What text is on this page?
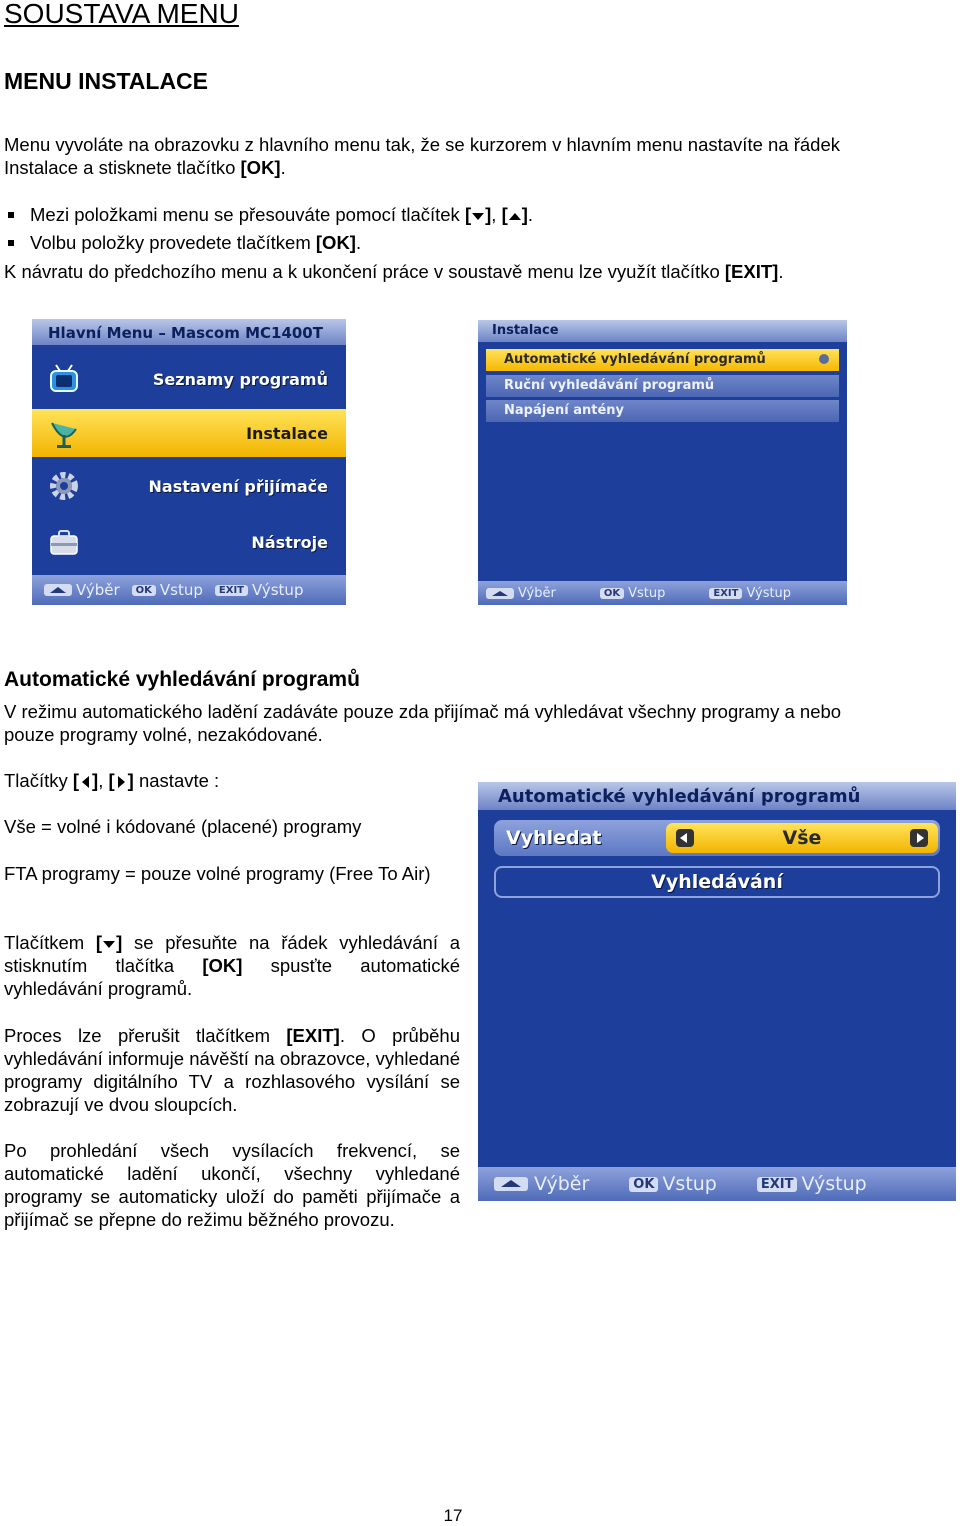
SOUSTAVA MENU
MENU INSTALACE
Menu vyvoláte na obrazovku z hlavního menu tak, že se kurzorem v hlavním menu nastavíte na řádek
Instalace a stisknete tlačítko [OK].
Mezi položkami menu se přesouváte pomocí tlačítek [ ], [ ].
Volbu položky provedete tlačítkem [OK].
K návratu do předchozího menu a k ukončení práce v soustavě menu lze využít tlačítko [EXIT].
Hlavní Menu – Mascom MC1400T
Seznamy programů
Instalace
Nastavení přijímače
Nástroje
Výběr	OK Vstup	EXIT Výstup
Instalace
Automatické vyhledávání programů
Ruční vyhledávání programů
Napájení antény
Výběr	OK Vstup	EXIT Výstup
Automatické vyhledávání programů
V režimu automatického ladění zadáváte pouze zda přijímač má vyhledávat všechny programy a nebo
pouze programy volné, nezakódované.
Tlačítky [ ], [ ] nastavte :
Vše = volné i kódované (placené) programy
FTA programy = pouze volné programy (Free To Air)
Tlačítkem [ ] se přesuňte na řádek vyhledávání a stisknutím tlačítka [OK] spusťte automatické vyhledávání programů.
Proces lze přerušit tlačítkem [EXIT]. O průběhu vyhledávání informuje návěští na obrazovce, vyhledané programy digitálního TV a rozhlasového vysílání se zobrazují ve dvou sloupcích.
Po prohledání všech vysílacích frekvencí, se automatické ladění ukončí, všechny vyhledané programy se automaticky uloží do paměti přijímače a přijímač se přepne do režimu běžného provozu.
Automatické vyhledávání programů
Vyhledat	Vše
Vyhledávání
Výběr	OK Vstup	EXIT Výstup
17
